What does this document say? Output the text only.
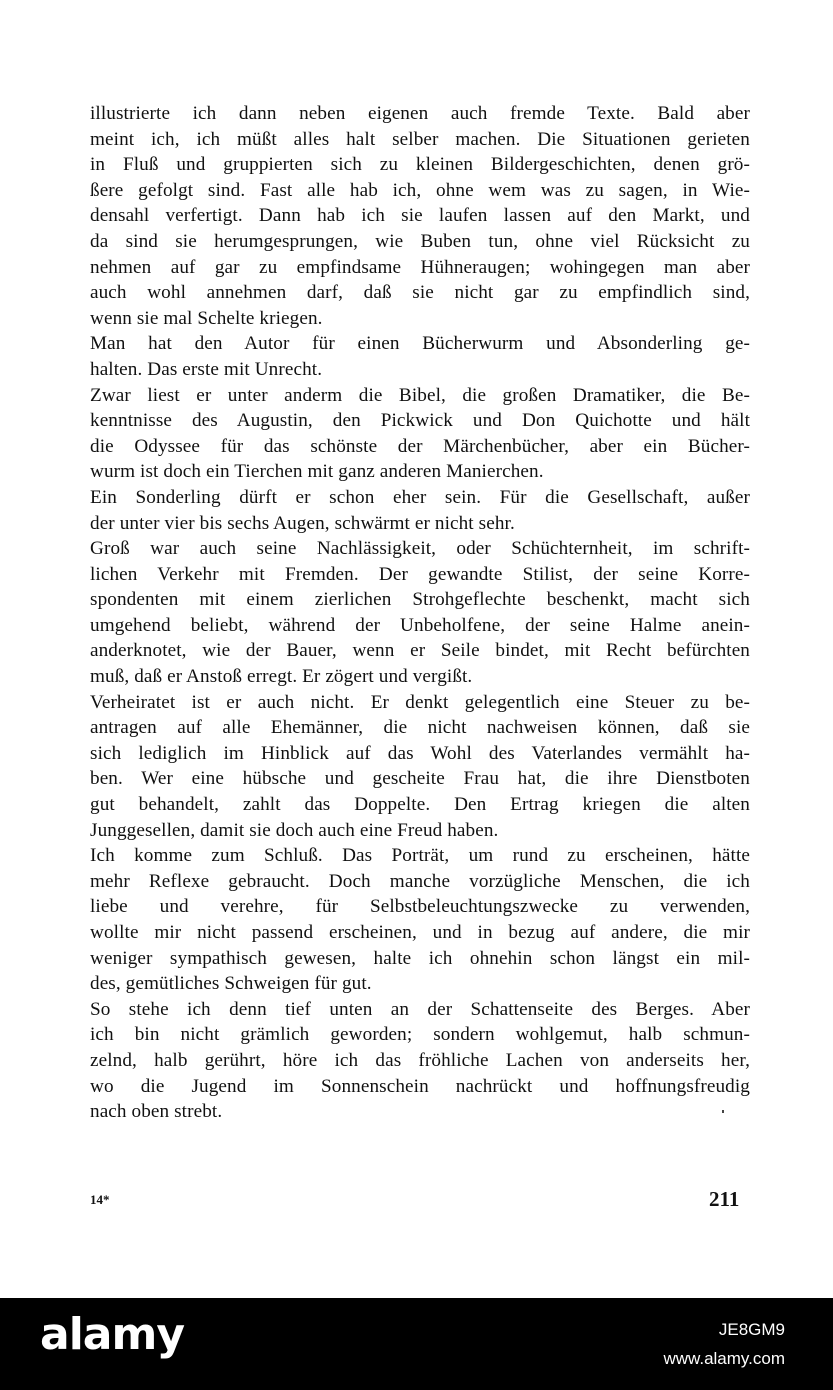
illustrierte ich dann neben eigenen auch fremde Texte. Bald aber
meint ich, ich müßt alles halt selber machen. Die Situationen gerieten
in Fluß und gruppierten sich zu kleinen Bildergeschichten, denen grö-
ßere gefolgt sind. Fast alle hab ich, ohne wem was zu sagen, in Wie-
densahl verfertigt. Dann hab ich sie laufen lassen auf den Markt, und
da sind sie herumgesprungen, wie Buben tun, ohne viel Rücksicht zu
nehmen auf gar zu empfindsame Hühneraugen; wohingegen man aber
auch wohl annehmen darf, daß sie nicht gar zu empfindlich sind,
wenn sie mal Schelte kriegen.

Man hat den Autor für einen Bücherwurm und Absonderling ge-
halten. Das erste mit Unrecht.

Zwar liest er unter anderm die Bibel, die großen Dramatiker, die Be-
kenntnisse des Augustin, den Pickwick und Don Quichotte und hält
die Odyssee für das schönste der Märchenbücher, aber ein Bücher-
wurm ist doch ein Tierchen mit ganz anderen Manierchen.

Ein Sonderling dürft er schon eher sein. Für die Gesellschaft, außer
der unter vier bis sechs Augen, schwärmt er nicht sehr.

Groß war auch seine Nachlässigkeit, oder Schüchternheit, im schrift-
lichen Verkehr mit Fremden. Der gewandte Stilist, der seine Korre-
spondenten mit einem zierlichen Strohgeflechte beschenkt, macht sich
umgehend beliebt, während der Unbeholfene, der seine Halme anein-
anderknotet, wie der Bauer, wenn er Seile bindet, mit Recht befürchten
muß, daß er Anstoß erregt. Er zögert und vergißt.

Verheiratet ist er auch nicht. Er denkt gelegentlich eine Steuer zu be-
antragen auf alle Ehemänner, die nicht nachweisen können, daß sie
sich lediglich im Hinblick auf das Wohl des Vaterlandes vermählt ha-
ben. Wer eine hübsche und gescheite Frau hat, die ihre Dienstboten
gut behandelt, zahlt das Doppelte. Den Ertrag kriegen die alten
Junggesellen, damit sie doch auch eine Freud haben.

Ich komme zum Schluß. Das Porträt, um rund zu erscheinen, hätte
mehr Reflexe gebraucht. Doch manche vorzügliche Menschen, die ich
liebe und verehre, für Selbstbeleuchtungszwecke zu verwenden,
wollte mir nicht passend erscheinen, und in bezug auf andere, die mir
weniger sympathisch gewesen, halte ich ohnehin schon längst ein mil-
des, gemütliches Schweigen für gut.

So stehe ich denn tief unten an der Schattenseite des Berges. Aber
ich bin nicht grämlich geworden; sondern wohlgemut, halb schmun-
zelnd, halb gerührt, höre ich das fröhliche Lachen von anderseits her,
wo die Jugend im Sonnenschein nachrückt und hoffnungsfreudig
nach oben strebt.

14*	211
alamy	JE8GM9
www.alamy.com
